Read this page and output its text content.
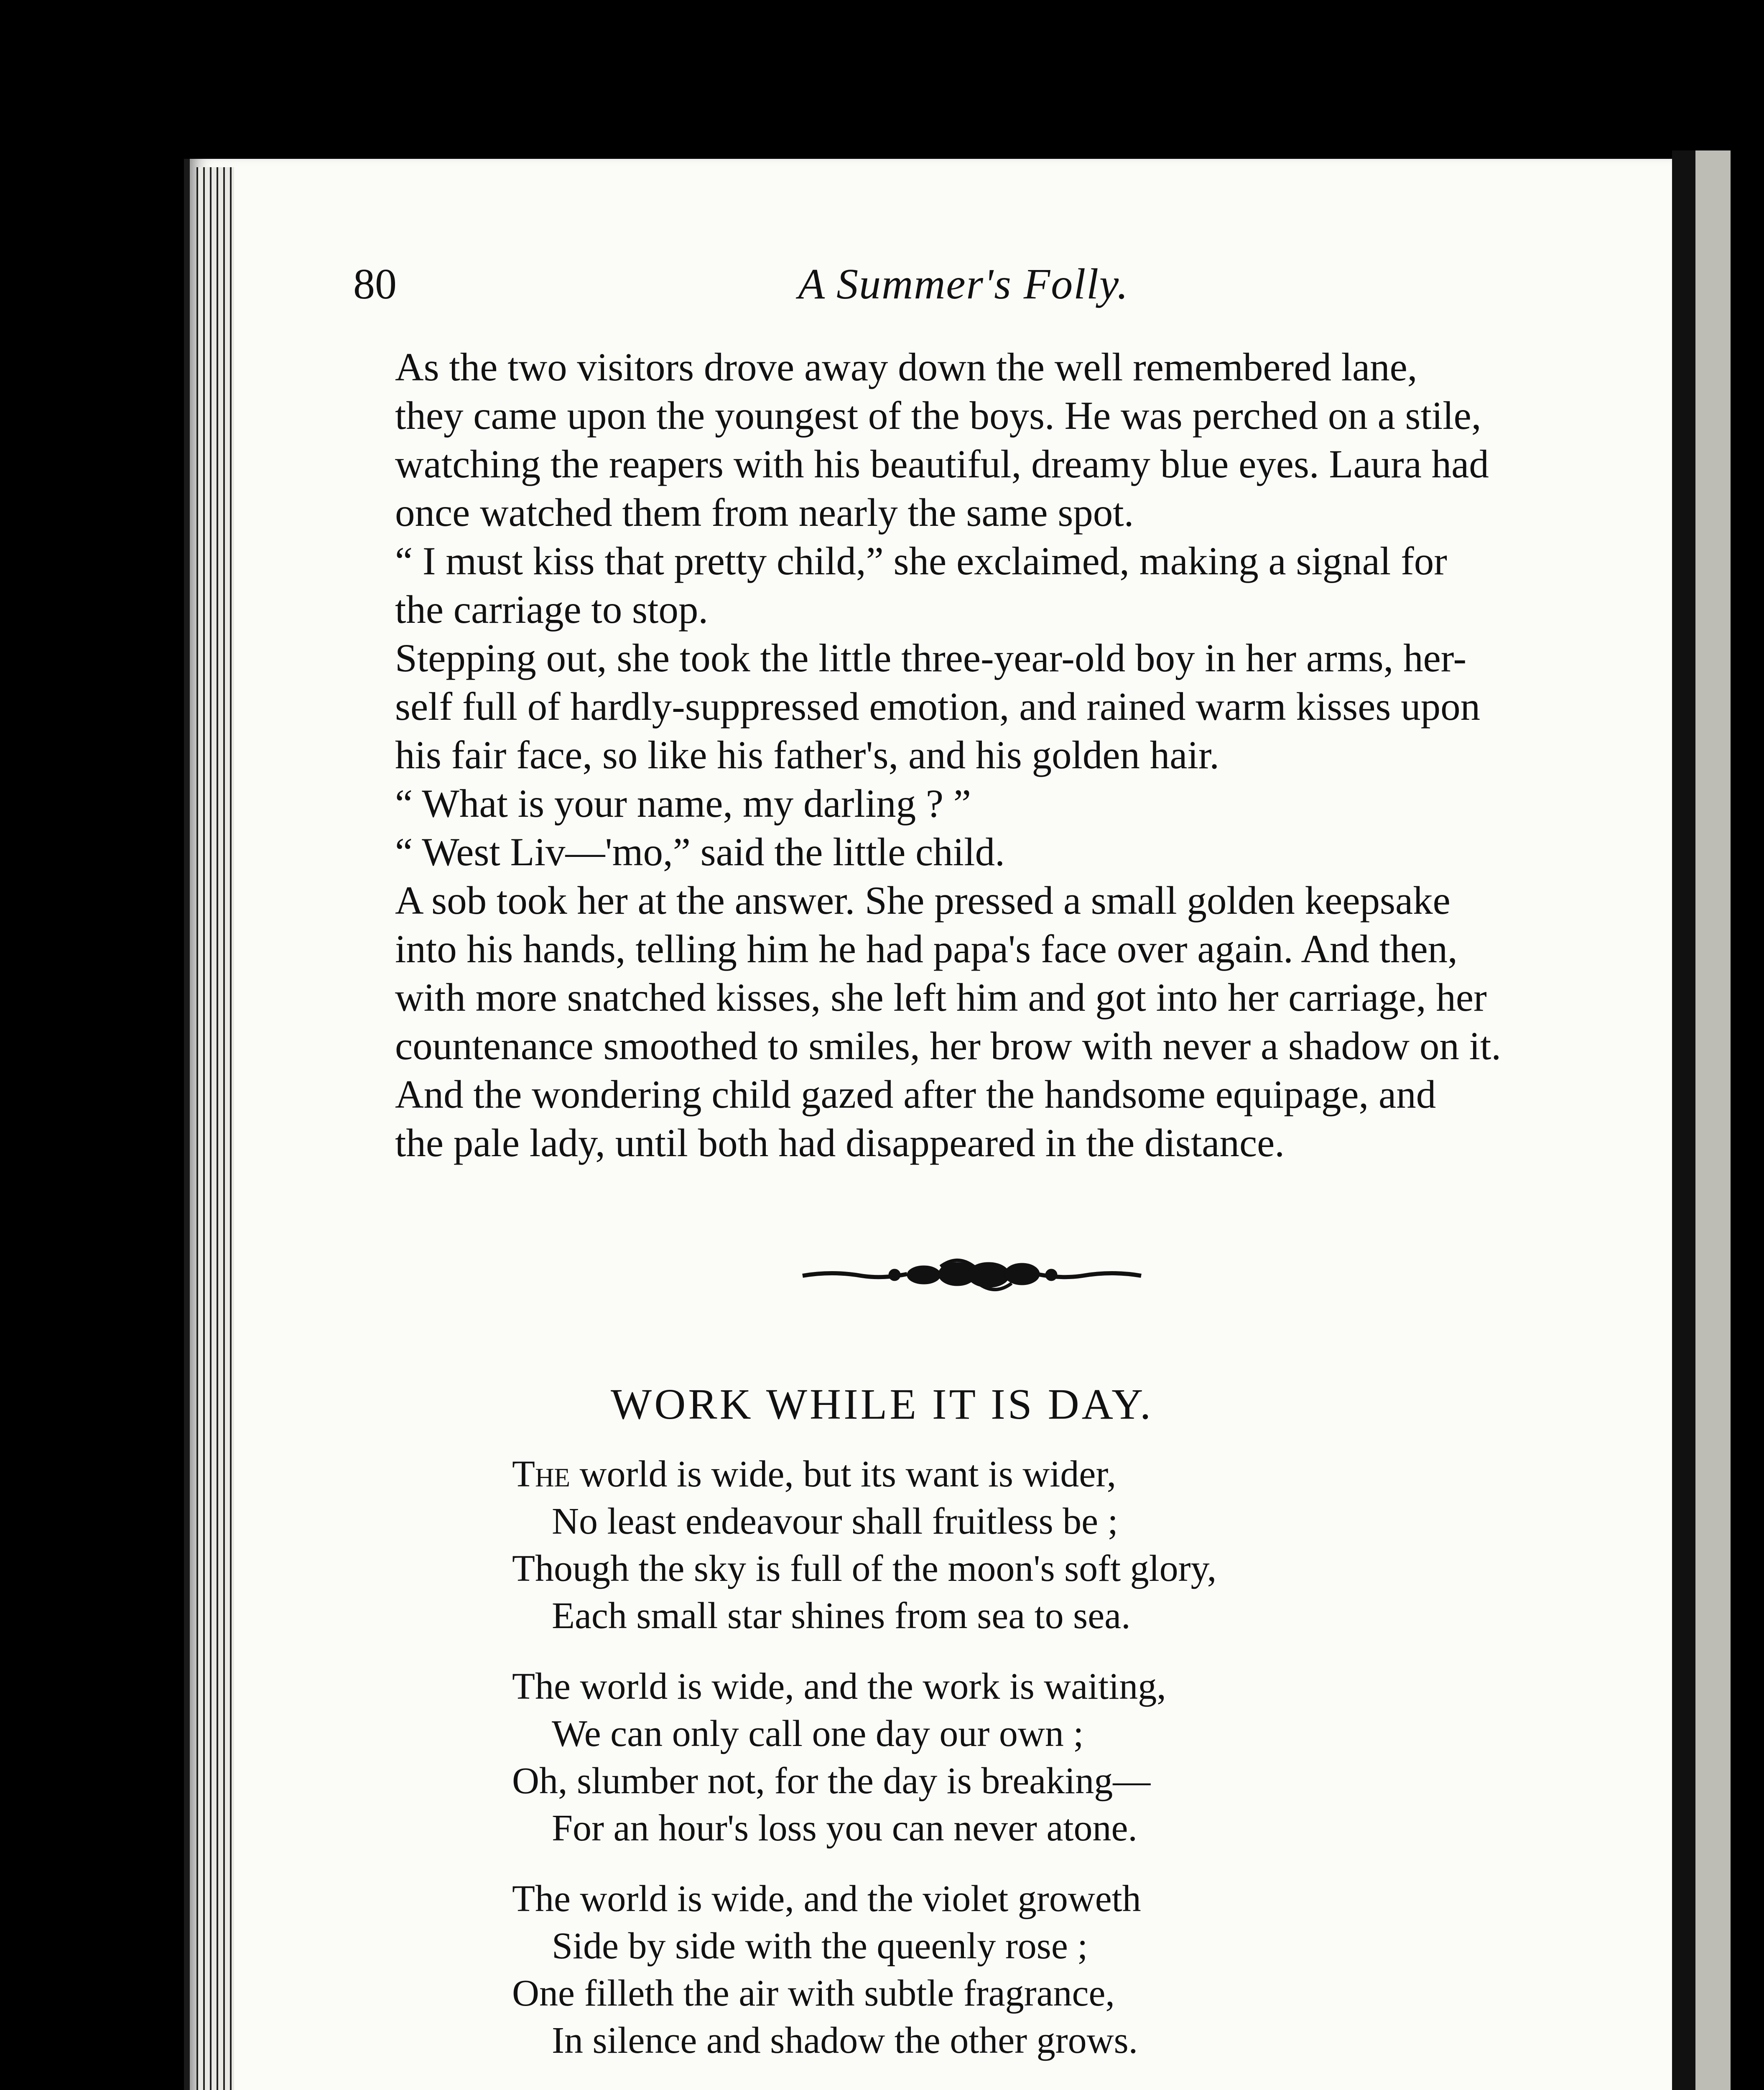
80	A Summer's Folly.
As the two visitors drove away down the well remembered lane,
they came upon the youngest of the boys. He was perched on a stile,
watching the reapers with his beautiful, dreamy blue eyes. Laura had
once watched them from nearly the same spot.
“ I must kiss that pretty child,” she exclaimed, making a signal for
the carriage to stop.
Stepping out, she took the little three-year-old boy in her arms, her-
self full of hardly-suppressed emotion, and rained warm kisses upon
his fair face, so like his father's, and his golden hair.
“ What is your name, my darling ? ”
“ West Liv—'mo,” said the little child.
A sob took her at the answer. She pressed a small golden keepsake
into his hands, telling him he had papa's face over again. And then,
with more snatched kisses, she left him and got into her carriage, her
countenance smoothed to smiles, her brow with never a shadow on it.
And the wondering child gazed after the handsome equipage, and
the pale lady, until both had disappeared in the distance.
WORK WHILE IT IS DAY.
The world is wide, but its want is wider,
No least endeavour shall fruitless be ;
Though the sky is full of the moon's soft glory,
Each small star shines from sea to sea.
The world is wide, and the work is waiting,
We can only call one day our own ;
Oh, slumber not, for the day is breaking—
For an hour's loss you can never atone.
The world is wide, and the violet groweth
Side by side with the queenly rose ;
One filleth the air with subtle fragrance,
In silence and shadow the other grows.
